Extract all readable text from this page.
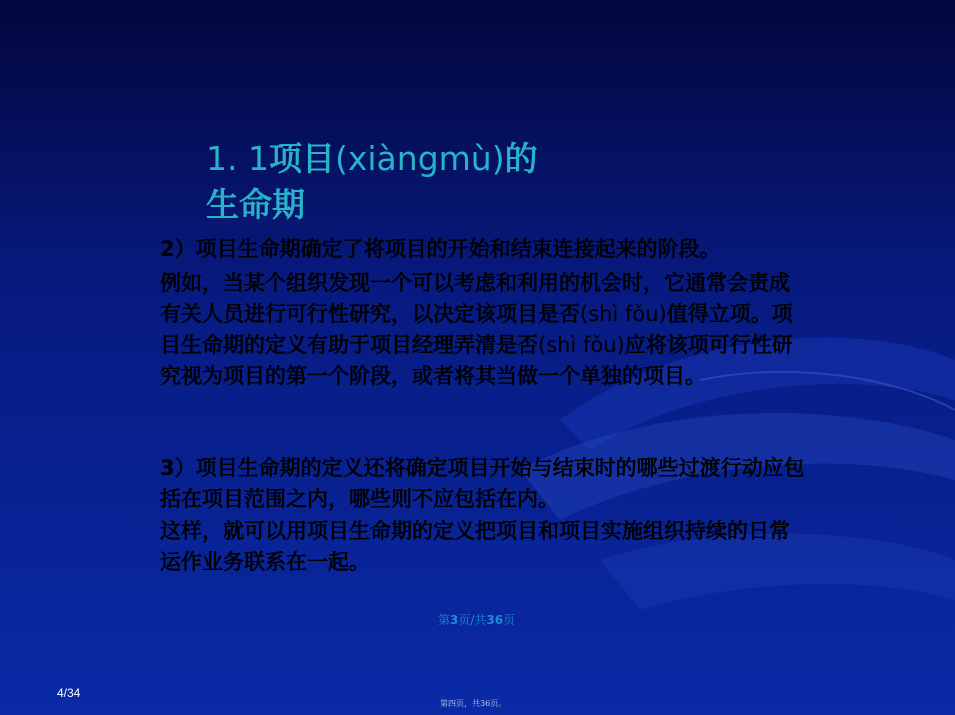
1. 1项目(xiàngmù)的
生命期
2）项目生命期确定了将项目的开始和结束连接起来的阶段。
例如，当某个组织发现一个可以考虑和利用的机会时，它通常会责成有关人员进行可行性研究，以决定该项目是否(shì fǒu)值得立项。项目生命期的定义有助于项目经理弄清是否(shì fǒu)应将该项可行性研究视为项目的第一个阶段，或者将其当做一个单独的项目。
3）项目生命期的定义还将确定项目开始与结束时的哪些过渡行动应包括在项目范围之内，哪些则不应包括在内。
这样，就可以用项目生命期的定义把项目和项目实施组织持续的日常运作业务联系在一起。
第3页/共36页
4/34
第四页，共36页。
